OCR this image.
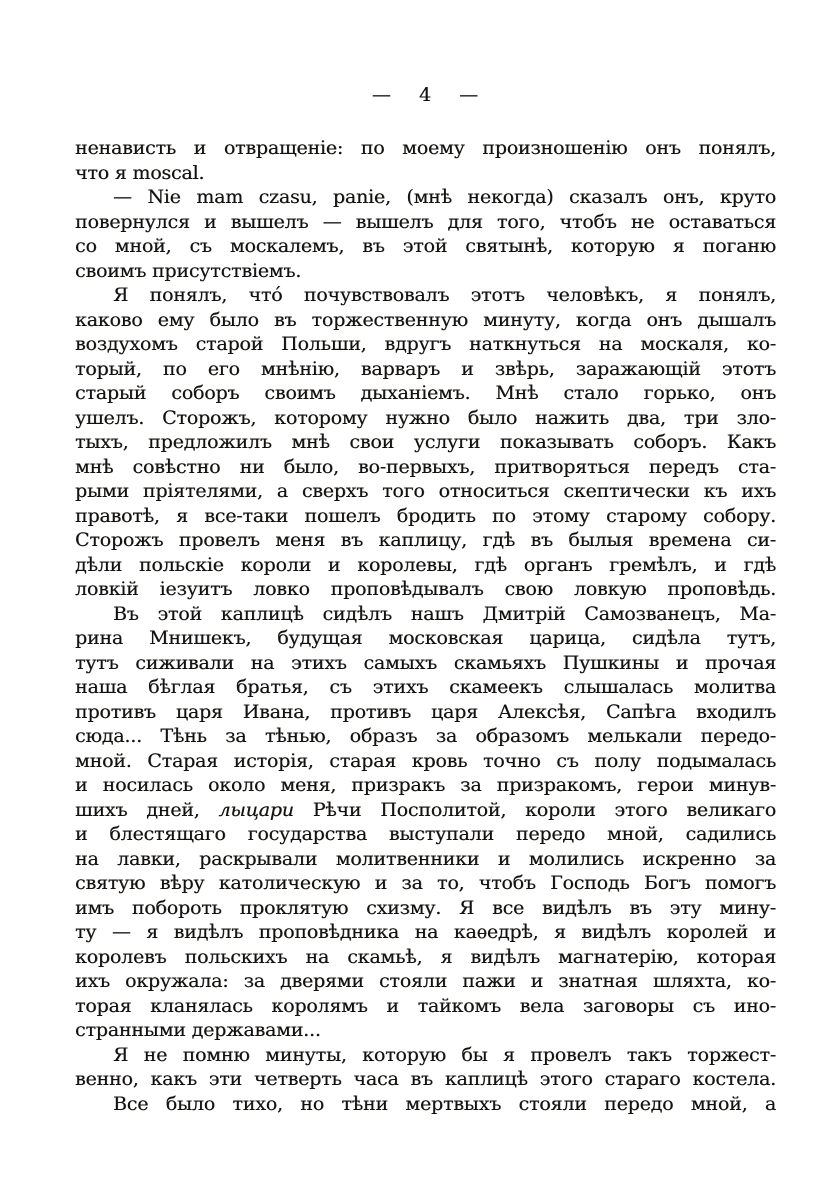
— 4 —
ненависть и отвращеніе: по моему произношенію онъ понялъ,
что я moscal.
— Nie mam czasu, panie, (мнѣ некогда) сказалъ онъ, круто
повернулся и вышелъ — вышелъ для того, чтобъ не оставаться
со мной, съ москалемъ, въ этой святынѣ, которую я поганю
своимъ присутствіемъ.
Я понялъ, что́ почувствовалъ этотъ человѣкъ, я понялъ,
каково ему было въ торжественную минуту, когда онъ дышалъ
воздухомъ старой Польши, вдругъ наткнуться на москаля, ко-
торый, по его мнѣнію, варваръ и звѣрь, заражающій этотъ
старый соборъ своимъ дыханіемъ. Мнѣ стало горько, онъ
ушелъ. Сторожъ, которому нужно было нажить два, три зло-
тыхъ, предложилъ мнѣ свои услуги показывать соборъ. Какъ
мнѣ совѣстно ни было, во-первыхъ, притворяться передъ ста-
рыми пріятелями, а сверхъ того относиться скептически къ ихъ
правотѣ, я все-таки пошелъ бродить по этому старому собору.
Сторожъ провелъ меня въ каплицу, гдѣ въ былыя времена си-
дѣли польскіе короли и королевы, гдѣ органъ гремѣлъ, и гдѣ
ловкій іезуитъ ловко проповѣдывалъ свою ловкую проповѣдь.
Въ этой каплицѣ сидѣлъ нашъ Дмитрій Самозванецъ, Ма-
рина Мнишекъ, будущая московская царица, сидѣла тутъ,
тутъ сиживали на этихъ самыхъ скамьяхъ Пушкины и прочая
наша бѣглая братья, съ этихъ скамеекъ слышалась молитва
противъ царя Ивана, противъ царя Алексѣя, Сапѣга входилъ
сюда... Тѣнь за тѣнью, образъ за образомъ мелькали передо-
мной. Старая исторія, старая кровь точно съ полу подымалась
и носилась около меня, призракъ за призракомъ, герои минув-
шихъ дней, лыцари Рѣчи Посполитой, короли этого великаго
и блестящаго государства выступали передо мной, садились
на лавки, раскрывали молитвенники и молились искренно за
святую вѣру католическую и за то, чтобъ Господь Богъ помогъ
имъ побороть проклятую схизму. Я все видѣлъ въ эту мину-
ту — я видѣлъ проповѣдника на каѳедрѣ, я видѣлъ королей и
королевъ польскихъ на скамьѣ, я видѣлъ магнатерію, которая
ихъ окружала: за дверями стояли пажи и знатная шляхта, ко-
торая кланялась королямъ и тайкомъ вела заговоры съ ино-
странными державами...
Я не помню минуты, которую бы я провелъ такъ торжест-
венно, какъ эти четверть часа въ каплицѣ этого стараго костела.
Все было тихо, но тѣни мертвыхъ стояли передо мной, а
